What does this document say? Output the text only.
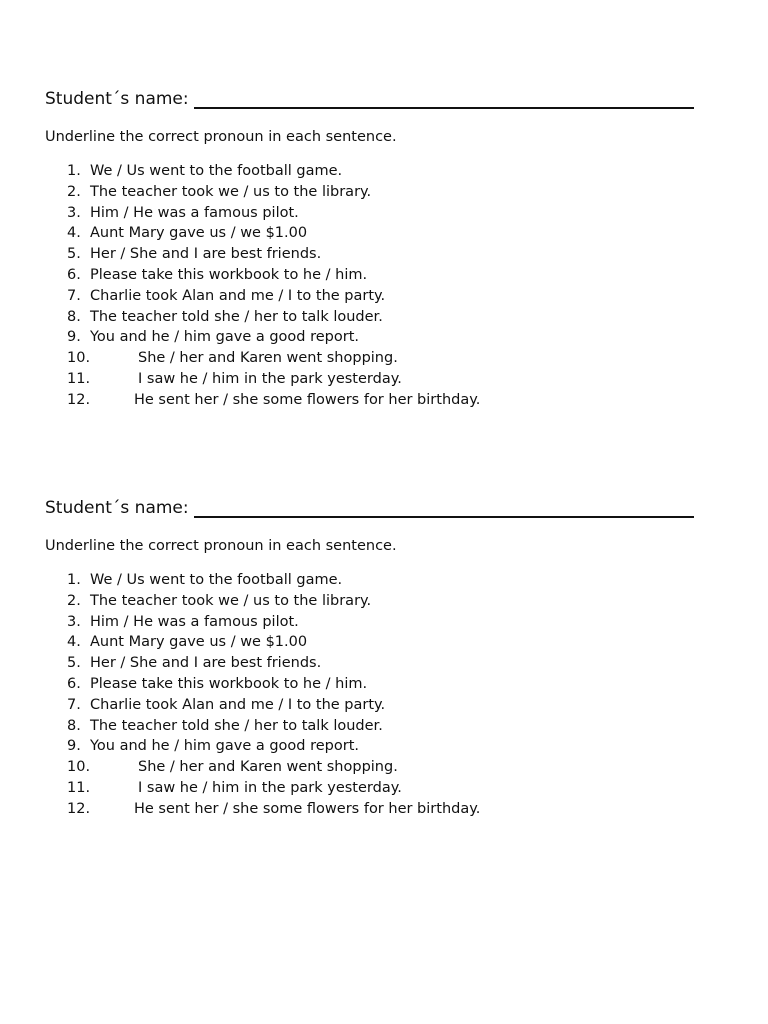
Student´s name:
Underline the correct pronoun in each sentence.
1. We / Us went to the football game.
2. The teacher took we / us to the library.
3. Him / He was a famous pilot.
4. Aunt Mary gave us / we $1.00
5. Her / She and I are best friends.
6. Please take this workbook to he / him.
7. Charlie took Alan and me / I to the party.
8. The teacher told she / her to talk louder.
9. You and he / him gave a good report.
10.	She / her and Karen went shopping.
11.	I saw he / him in the park yesterday.
12.	He sent her / she some flowers for her birthday.
Student´s name:
Underline the correct pronoun in each sentence.
1. We / Us went to the football game.
2. The teacher took we / us to the library.
3. Him / He was a famous pilot.
4. Aunt Mary gave us / we $1.00
5. Her / She and I are best friends.
6. Please take this workbook to he / him.
7. Charlie took Alan and me / I to the party.
8. The teacher told she / her to talk louder.
9. You and he / him gave a good report.
10.	She / her and Karen went shopping.
11.	I saw he / him in the park yesterday.
12.	He sent her / she some flowers for her birthday.
